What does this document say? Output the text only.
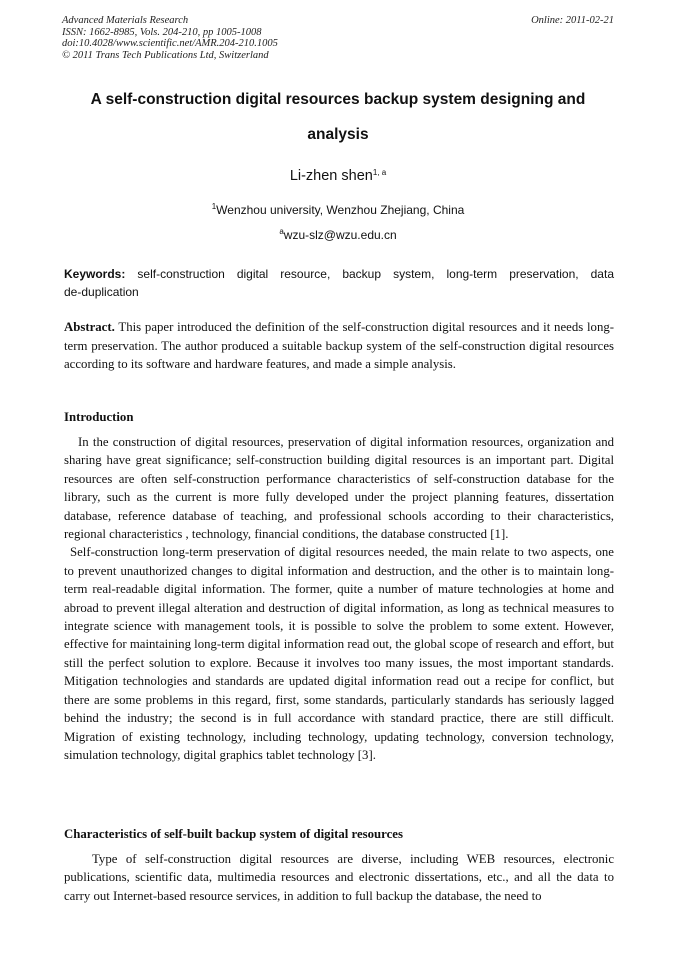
Advanced Materials Research
ISSN: 1662-8985, Vols. 204-210, pp 1005-1008
doi:10.4028/www.scientific.net/AMR.204-210.1005
© 2011 Trans Tech Publications Ltd, Switzerland
Online: 2011-02-21
A self-construction digital resources backup system designing and
analysis
Li-zhen shen$^{1, a}$
$^1$Wenzhou university, Wenzhou Zhejiang, China
$^a$wzu-slz@wzu.edu.cn
Keywords: self-construction digital resource, backup system, long-term preservation, data
de-duplication
Abstract. This paper introduced the definition of the self-construction digital resources and it needs long-term preservation. The author produced a suitable backup system of the self-construction digital resources according to its software and hardware features, and made a simple analysis.
Introduction

In the construction of digital resources, preservation of digital information resources, organization and sharing have great significance; self-construction building digital resources is an important part. Digital resources are often self-construction performance characteristics of self-construction database for the library, such as the current is more fully developed under the project planning features, dissertation database, reference database of teaching, and professional schools according to their characteristics, regional characteristics , technology, financial conditions, the database constructed [1].

Self-construction long-term preservation of digital resources needed, the main relate to two aspects, one to prevent unauthorized changes to digital information and destruction, and the other is to maintain long-term real-readable digital information. The former, quite a number of mature technologies at home and abroad to prevent illegal alteration and destruction of digital information, as long as technical measures to integrate science with management tools, it is possible to solve the problem to some extent. However, effective for maintaining long-term digital information read out, the global scope of research and effort, but still the perfect solution to explore. Because it involves too many issues, the most important standards. Mitigation technologies and standards are updated digital information read out a recipe for conflict, but there are some problems in this regard, first, some standards, particularly standards has seriously lagged behind the industry; the second is in full accordance with standard practice, there are still difficult. Migration of existing technology, including technology, updating technology, conversion technology, simulation technology, digital graphics tablet technology [3].

Characteristics of self-built backup system of digital resources

Type of self-construction digital resources are diverse, including WEB resources, electronic publications, scientific data, multimedia resources and electronic dissertations, etc., and all the data to carry out Internet-based resource services, in addition to full backup the database, the need to
